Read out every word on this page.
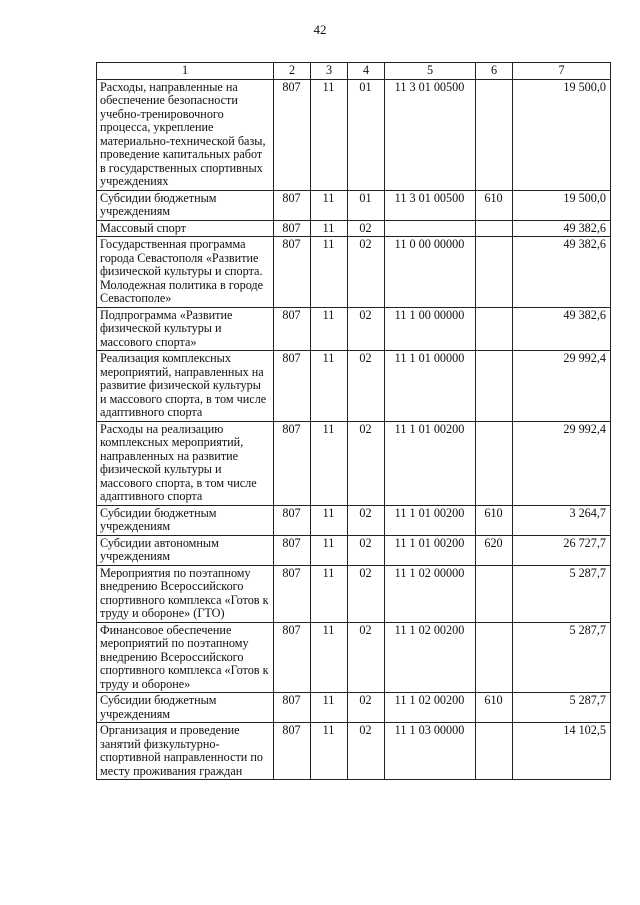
42
1	2	3	4	5	6	7
Расходы, направленные на обеспечение безопасности учебно-тренировочного процесса, укрепление материально-технической базы, проведение капитальных работ в государственных спортивных учреждениях	807	11	01	11 3 01 00500		19 500,0
Субсидии бюджетным учреждениям	807	11	01	11 3 01 00500	610	19 500,0
Массовый спорт	807	11	02			49 382,6
Государственная программа города Севастополя «Развитие физической культуры и спорта. Молодежная политика в городе Севастополе»	807	11	02	11 0 00 00000		49 382,6
Подпрограмма «Развитие физической культуры и массового спорта»	807	11	02	11 1 00 00000		49 382,6
Реализация комплексных мероприятий, направленных на развитие физической культуры и массового спорта, в том числе адаптивного спорта	807	11	02	11 1 01 00000		29 992,4
Расходы на реализацию комплексных мероприятий, направленных на развитие физической культуры и массового спорта, в том числе адаптивного спорта	807	11	02	11 1 01 00200		29 992,4
Субсидии бюджетным учреждениям	807	11	02	11 1 01 00200	610	3 264,7
Субсидии автономным учреждениям	807	11	02	11 1 01 00200	620	26 727,7
Мероприятия по поэтапному внедрению Всероссийского спортивного комплекса «Готов к труду и обороне» (ГТО)	807	11	02	11 1 02 00000		5 287,7
Финансовое обеспечение мероприятий по поэтапному внедрению Всероссийского спортивного комплекса «Готов к труду и обороне»	807	11	02	11 1 02 00200		5 287,7
Субсидии бюджетным учреждениям	807	11	02	11 1 02 00200	610	5 287,7
Организация и проведение занятий физкультурно-спортивной направленности по месту проживания граждан	807	11	02	11 1 03 00000		14 102,5
